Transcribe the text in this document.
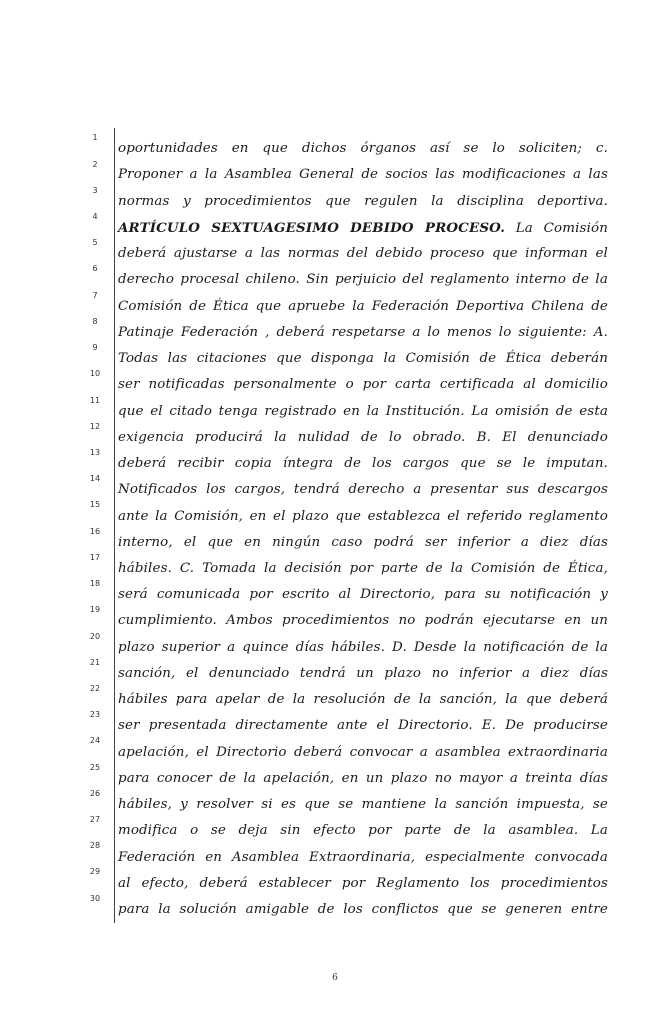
1
2
3
4
5
6
7
8
9
10
11
12
13
14
15
16
17
18
19
20
21
22
23
24
25
26
27
28
29
30
oportunidades en que dichos órganos así se lo soliciten; c.
Proponer a la Asamblea General de socios las modificaciones a las
normas y procedimientos que regulen la disciplina deportiva.
ARTÍCULO SEXTUAGESIMO DEBIDO PROCESO. La Comisión
deberá ajustarse a las normas del debido proceso que informan el
derecho procesal chileno. Sin perjuicio del reglamento interno de la
Comisión de Ética que apruebe la Federación Deportiva Chilena de
Patinaje Federación , deberá respetarse a lo menos lo siguiente: A.
Todas las citaciones que disponga la Comisión de Ética deberán
ser notificadas personalmente o por carta certificada al domicilio
que el citado tenga registrado en la Institución. La omisión de esta
exigencia producirá la nulidad de lo obrado. B. El denunciado
deberá recibir copia íntegra de los cargos que se le imputan.
Notificados los cargos, tendrá derecho a presentar sus descargos
ante la Comisión, en el plazo que establezca el referido reglamento
interno, el que en ningún caso podrá ser inferior a diez días
hábiles. C. Tomada la decisión por parte de la Comisión de Ética,
será comunicada por escrito al Directorio, para su notificación y
cumplimiento. Ambos procedimientos no podrán ejecutarse en un
plazo superior a quince días hábiles. D. Desde la notificación de la
sanción, el denunciado tendrá un plazo no inferior a diez días
hábiles para apelar de la resolución de la sanción, la que deberá
ser presentada directamente ante el Directorio. E. De producirse
apelación, el Directorio deberá convocar a asamblea extraordinaria
para conocer de la apelación, en un plazo no mayor a treinta días
hábiles, y resolver si es que se mantiene la sanción impuesta, se
modifica o se deja sin efecto por parte de la asamblea. La
Federación en Asamblea Extraordinaria, especialmente convocada
al efecto, deberá establecer por Reglamento los procedimientos
para la solución amigable de los conflictos que se generen entre
6
